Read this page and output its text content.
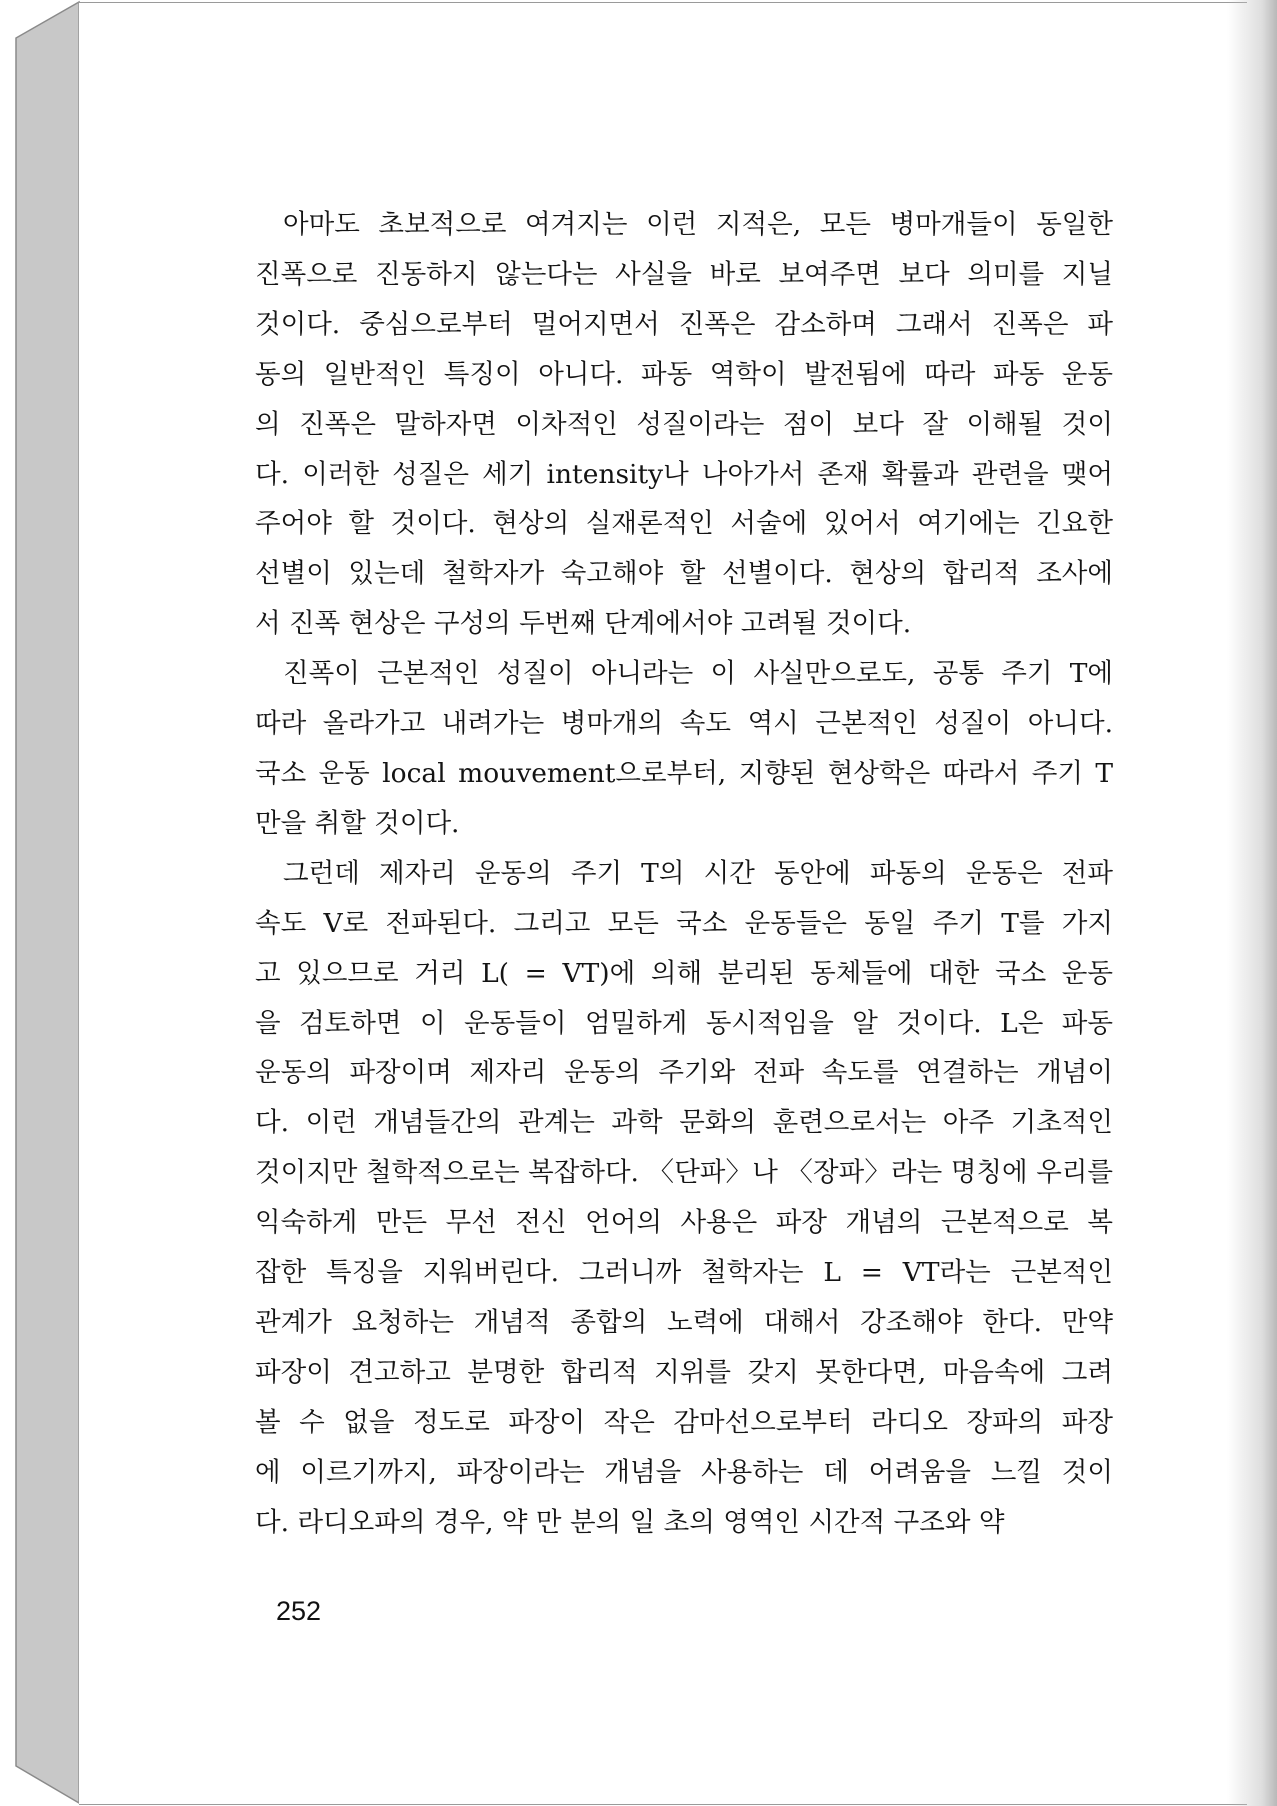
아마도 초보적으로 여겨지는 이런 지적은, 모든 병마개들이 동일한
진폭으로 진동하지 않는다는 사실을 바로 보여주면 보다 의미를 지닐
것이다. 중심으로부터 멀어지면서 진폭은 감소하며 그래서 진폭은 파
동의 일반적인 특징이 아니다. 파동 역학이 발전됨에 따라 파동 운동
의 진폭은 말하자면 이차적인 성질이라는 점이 보다 잘 이해될 것이
다. 이러한 성질은 세기 intensity나 나아가서 존재 확률과 관련을 맺어
주어야 할 것이다. 현상의 실재론적인 서술에 있어서 여기에는 긴요한
선별이 있는데 철학자가 숙고해야 할 선별이다. 현상의 합리적 조사에
서 진폭 현상은 구성의 두번째 단계에서야 고려될 것이다.
진폭이 근본적인 성질이 아니라는 이 사실만으로도, 공통 주기 T에
따라 올라가고 내려가는 병마개의 속도 역시 근본적인 성질이 아니다.
국소 운동 local mouvement으로부터, 지향된 현상학은 따라서 주기 T
만을 취할 것이다.
그런데 제자리 운동의 주기 T의 시간 동안에 파동의 운동은 전파
속도 V로 전파된다. 그리고 모든 국소 운동들은 동일 주기 T를 가지
고 있으므로 거리 L( = VT)에 의해 분리된 동체들에 대한 국소 운동
을 검토하면 이 운동들이 엄밀하게 동시적임을 알 것이다. L은 파동
운동의 파장이며 제자리 운동의 주기와 전파 속도를 연결하는 개념이
다. 이런 개념들간의 관계는 과학 문화의 훈련으로서는 아주 기초적인
것이지만 철학적으로는 복잡하다. 〈단파〉나 〈장파〉라는 명칭에 우리를
익숙하게 만든 무선 전신 언어의 사용은 파장 개념의 근본적으로 복
잡한 특징을 지워버린다. 그러니까 철학자는 L = VT라는 근본적인
관계가 요청하는 개념적 종합의 노력에 대해서 강조해야 한다. 만약
파장이 견고하고 분명한 합리적 지위를 갖지 못한다면, 마음속에 그려
볼 수 없을 정도로 파장이 작은 감마선으로부터 라디오 장파의 파장
에 이르기까지, 파장이라는 개념을 사용하는 데 어려움을 느낄 것이
다. 라디오파의 경우, 약 만 분의 일 초의 영역인 시간적 구조와 약
252
